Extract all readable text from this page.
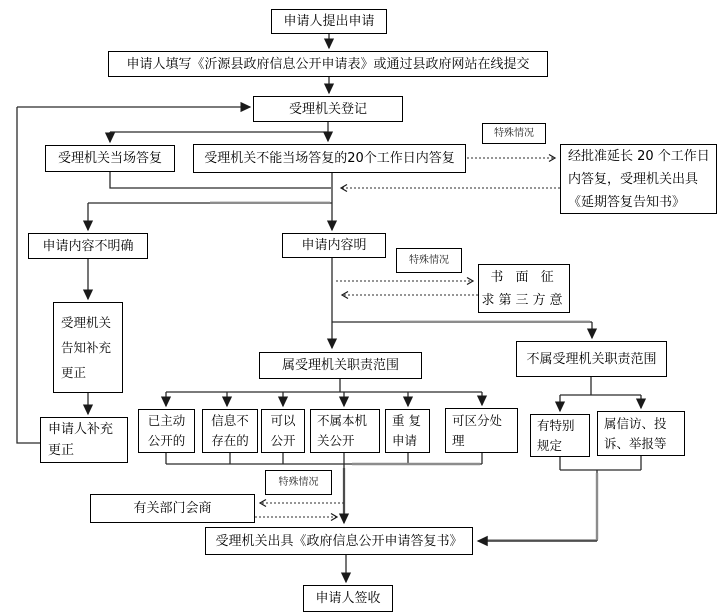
申请人提出申请
申请人填写《沂源县政府信息公开申请表》或通过县政府网站在线提交
受理机关登记
受理机关当场答复	受理机关不能当场答复的20个工作日内答复
特殊情况
经批准延长 20 个工作日
内答复，受理机关出具
《延期答复告知书》
申请内容不明确	申请内容明
特殊情况
书 面 征
求第三方意
受理机关
告知补充
更正
申请人补充
更正
属受理机关职责范围	不属受理机关职责范围
已主动
公开的
信息不
存在的
可以
公开
不属本机
关公开
重 复
申请
可区分处
理
有特别
规定
属信访、投
诉、举报等
特殊情况
有关部门会商
受理机关出具《政府信息公开申请答复书》
申请人签收
